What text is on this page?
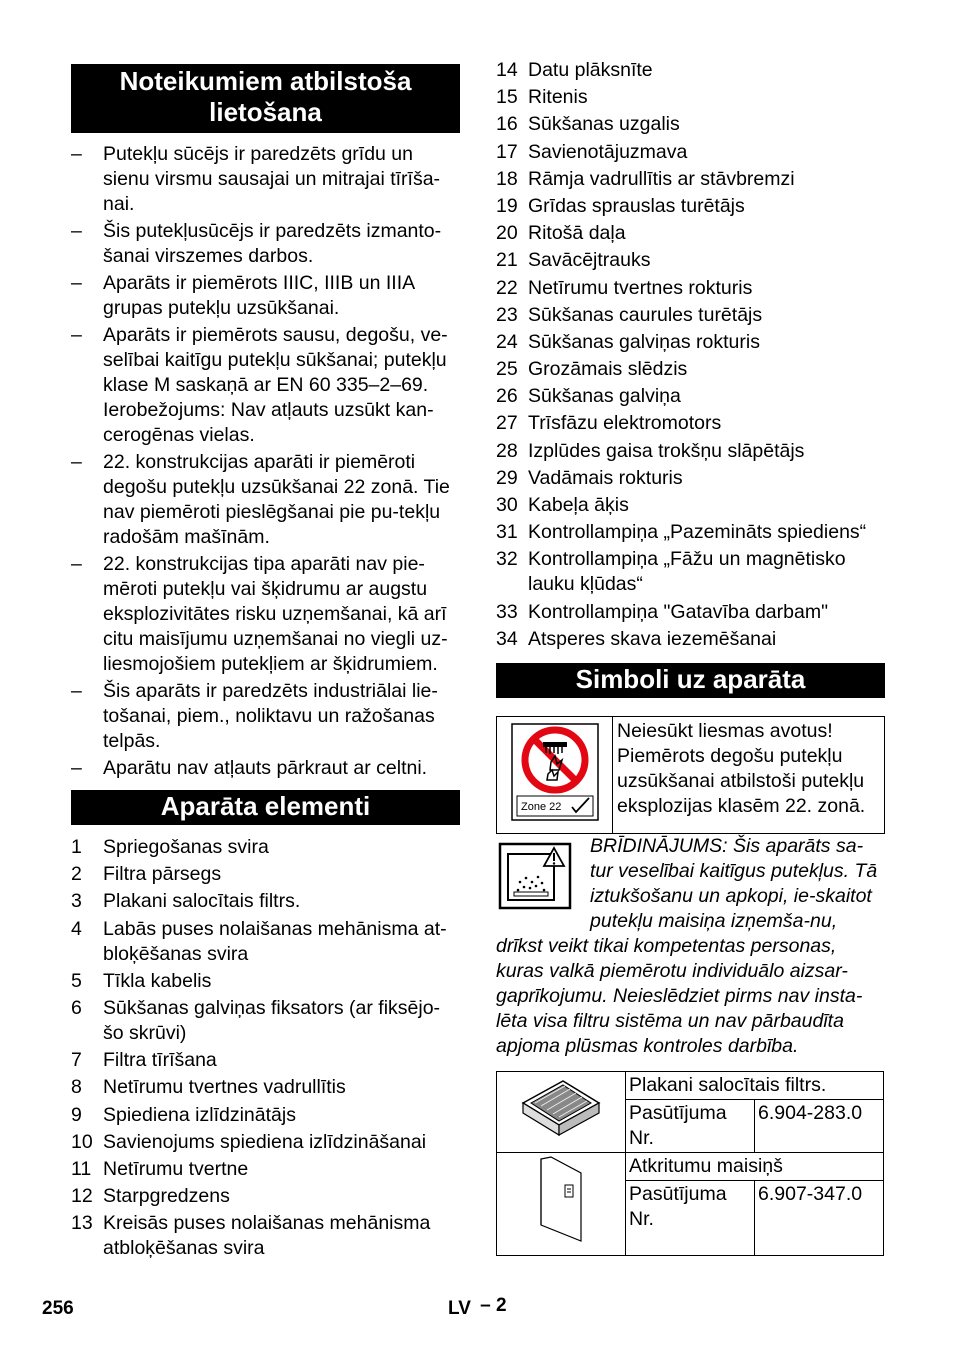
Noteikumiem atbilstoša lietošana
–	Putekļu sūcējs ir paredzēts grīdu un sienu virsmu sausajai un mitrajai tīrīša-nai.
–	Šis putekļusūcējs ir paredzēts izmanto-šanai virszemes darbos.
–	Aparāts ir piemērots IIIC, IIIB un IIIA grupas putekļu uzsūkšanai.
–	Aparāts ir piemērots sausu, degošu, ve-selībai kaitīgu putekļu sūkšanai; putekļu klase M saskaņā ar EN 60 335–2–69. Ierobežojums: Nav atļauts uzsūkt kan-cerogēnas vielas.
–	22. konstrukcijas aparāti ir piemēroti degošu putekļu uzsūkšanai 22 zonā. Tie nav piemēroti pieslēgšanai pie pu-tekļu radošām mašīnām.
–	22. konstrukcijas tipa aparāti nav pie-mēroti putekļu vai šķidrumu ar augstu eksplozivitātes risku uzņemšanai, kā arī citu maisījumu uzņemšanai no viegli uz-liesmojošiem putekļiem ar šķidrumiem.
–	Šis aparāts ir paredzēts industriālai lie-tošanai, piem., noliktavu un ražošanas telpās.
–	Aparātu nav atļauts pārkraut ar celtni.
Aparāta elementi
1 Spriegošanas svira
2 Filtra pārsegs
3 Plakani salocītais filtrs.
4 Labās puses nolaišanas mehānisma at-bloķēšanas svira
5 Tīkla kabelis
6 Sūkšanas galviņas fiksators (ar fiksējo-šo skrūvi)
7 Filtra tīrīšana
8 Netīrumu tvertnes vadrullītis
9 Spiediena izlīdzinātājs
10 Savienojums spiediena izlīdzināšanai
11 Netīrumu tvertne
12 Starpgredzens
13 Kreisās puses nolaišanas mehānisma atbloķēšanas svira
14 Datu plāksnīte
15 Ritenis
16 Sūkšanas uzgalis
17 Savienotājuzmava
18 Rāmja vadrullītis ar stāvbremzi
19 Grīdas sprauslas turētājs
20 Ritošā daļa
21 Savācējtrauks
22 Netīrumu tvertnes rokturis
23 Sūkšanas caurules turētājs
24 Sūkšanas galviņas rokturis
25 Grozāmais slēdzis
26 Sūkšanas galviņa
27 Trīsfāzu elektromotors
28 Izplūdes gaisa trokšņu slāpētājs
29 Vadāmais rokturis
30 Kabeļa āķis
31 Kontrollampiņa „Pazemināts spiediens“
32 Kontrollampiņa „Fāžu un magnētisko lauku kļūdas“
33 Kontrollampiņa "Gatavība darbam"
34 Atsperes skava iezemēšanai
Simboli uz aparāta
Zone 22
	Neiesūkt liesmas avotus! Piemērots degošu putekļu uzsūkšanai atbilstoši putekļu eksplozijas klasēm 22. zonā.
BRĪDINĀJUMS: Šis aparāts sa-tur veselībai kaitīgus putekļus. Tā iztukšošanu un apkopi, ie-skaitot putekļu maisiņa izņemša-nu, drīkst veikt tikai kompetentas personas, kuras valkā piemērotu individuālo aizsar-gaprīkojumu. Neieslēdziet pirms nav insta-lēta visa filtru sistēma un nav pārbaudīta apjoma plūsmas kontroles darbība.
	Plakani salocītais filtrs.	
	Pasūtījuma Nr.	6.904-283.0
	Atkritumu maisiņš	
	Pasūtījuma Nr.	6.907-347.0
256	LV – 2
